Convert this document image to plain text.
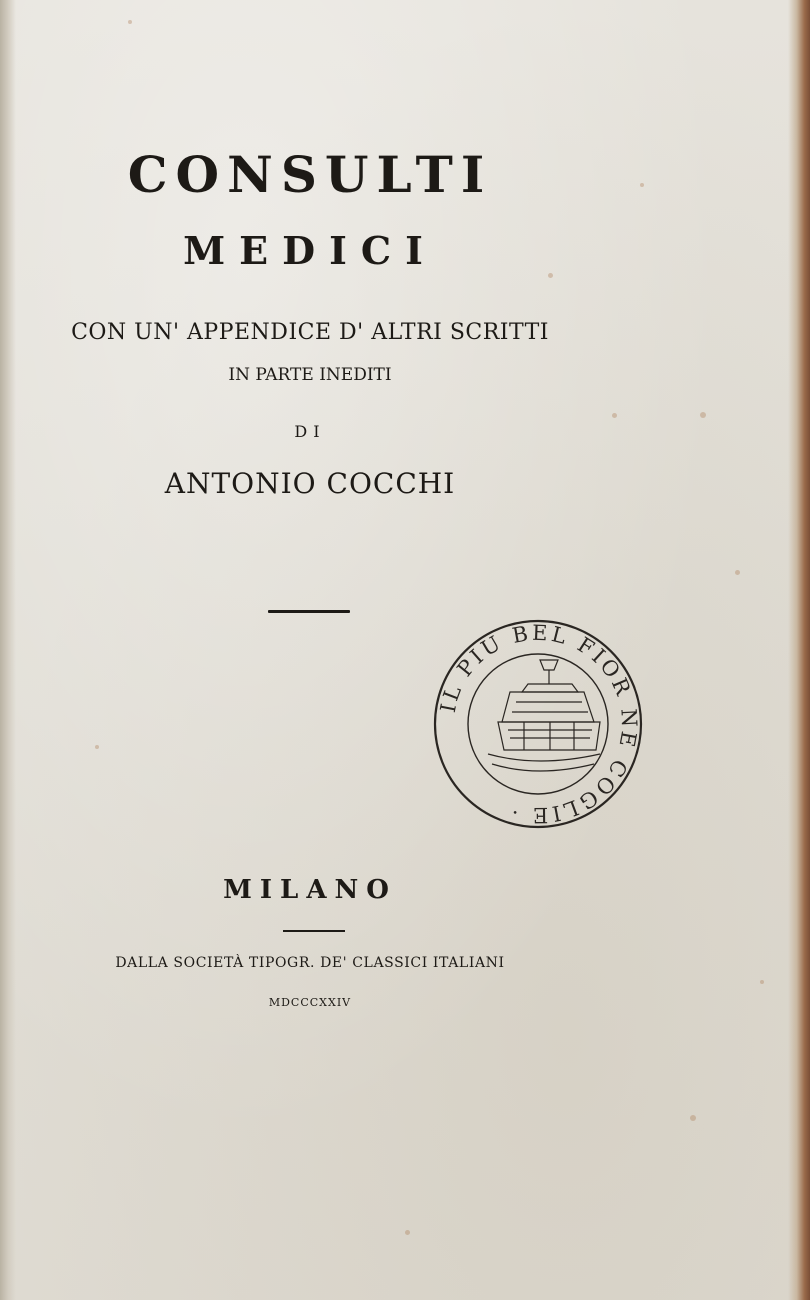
CONSULTI
MEDICI
CON UN' APPENDICE D' ALTRI SCRITTI
IN PARTE INEDITI
DI
ANTONIO COCCHI
IL PIU BEL FIOR NE COGLIE ·
MILANO
DALLA SOCIETÀ TIPOGR. DE' CLASSICI ITALIANI
MDCCCXXIV
